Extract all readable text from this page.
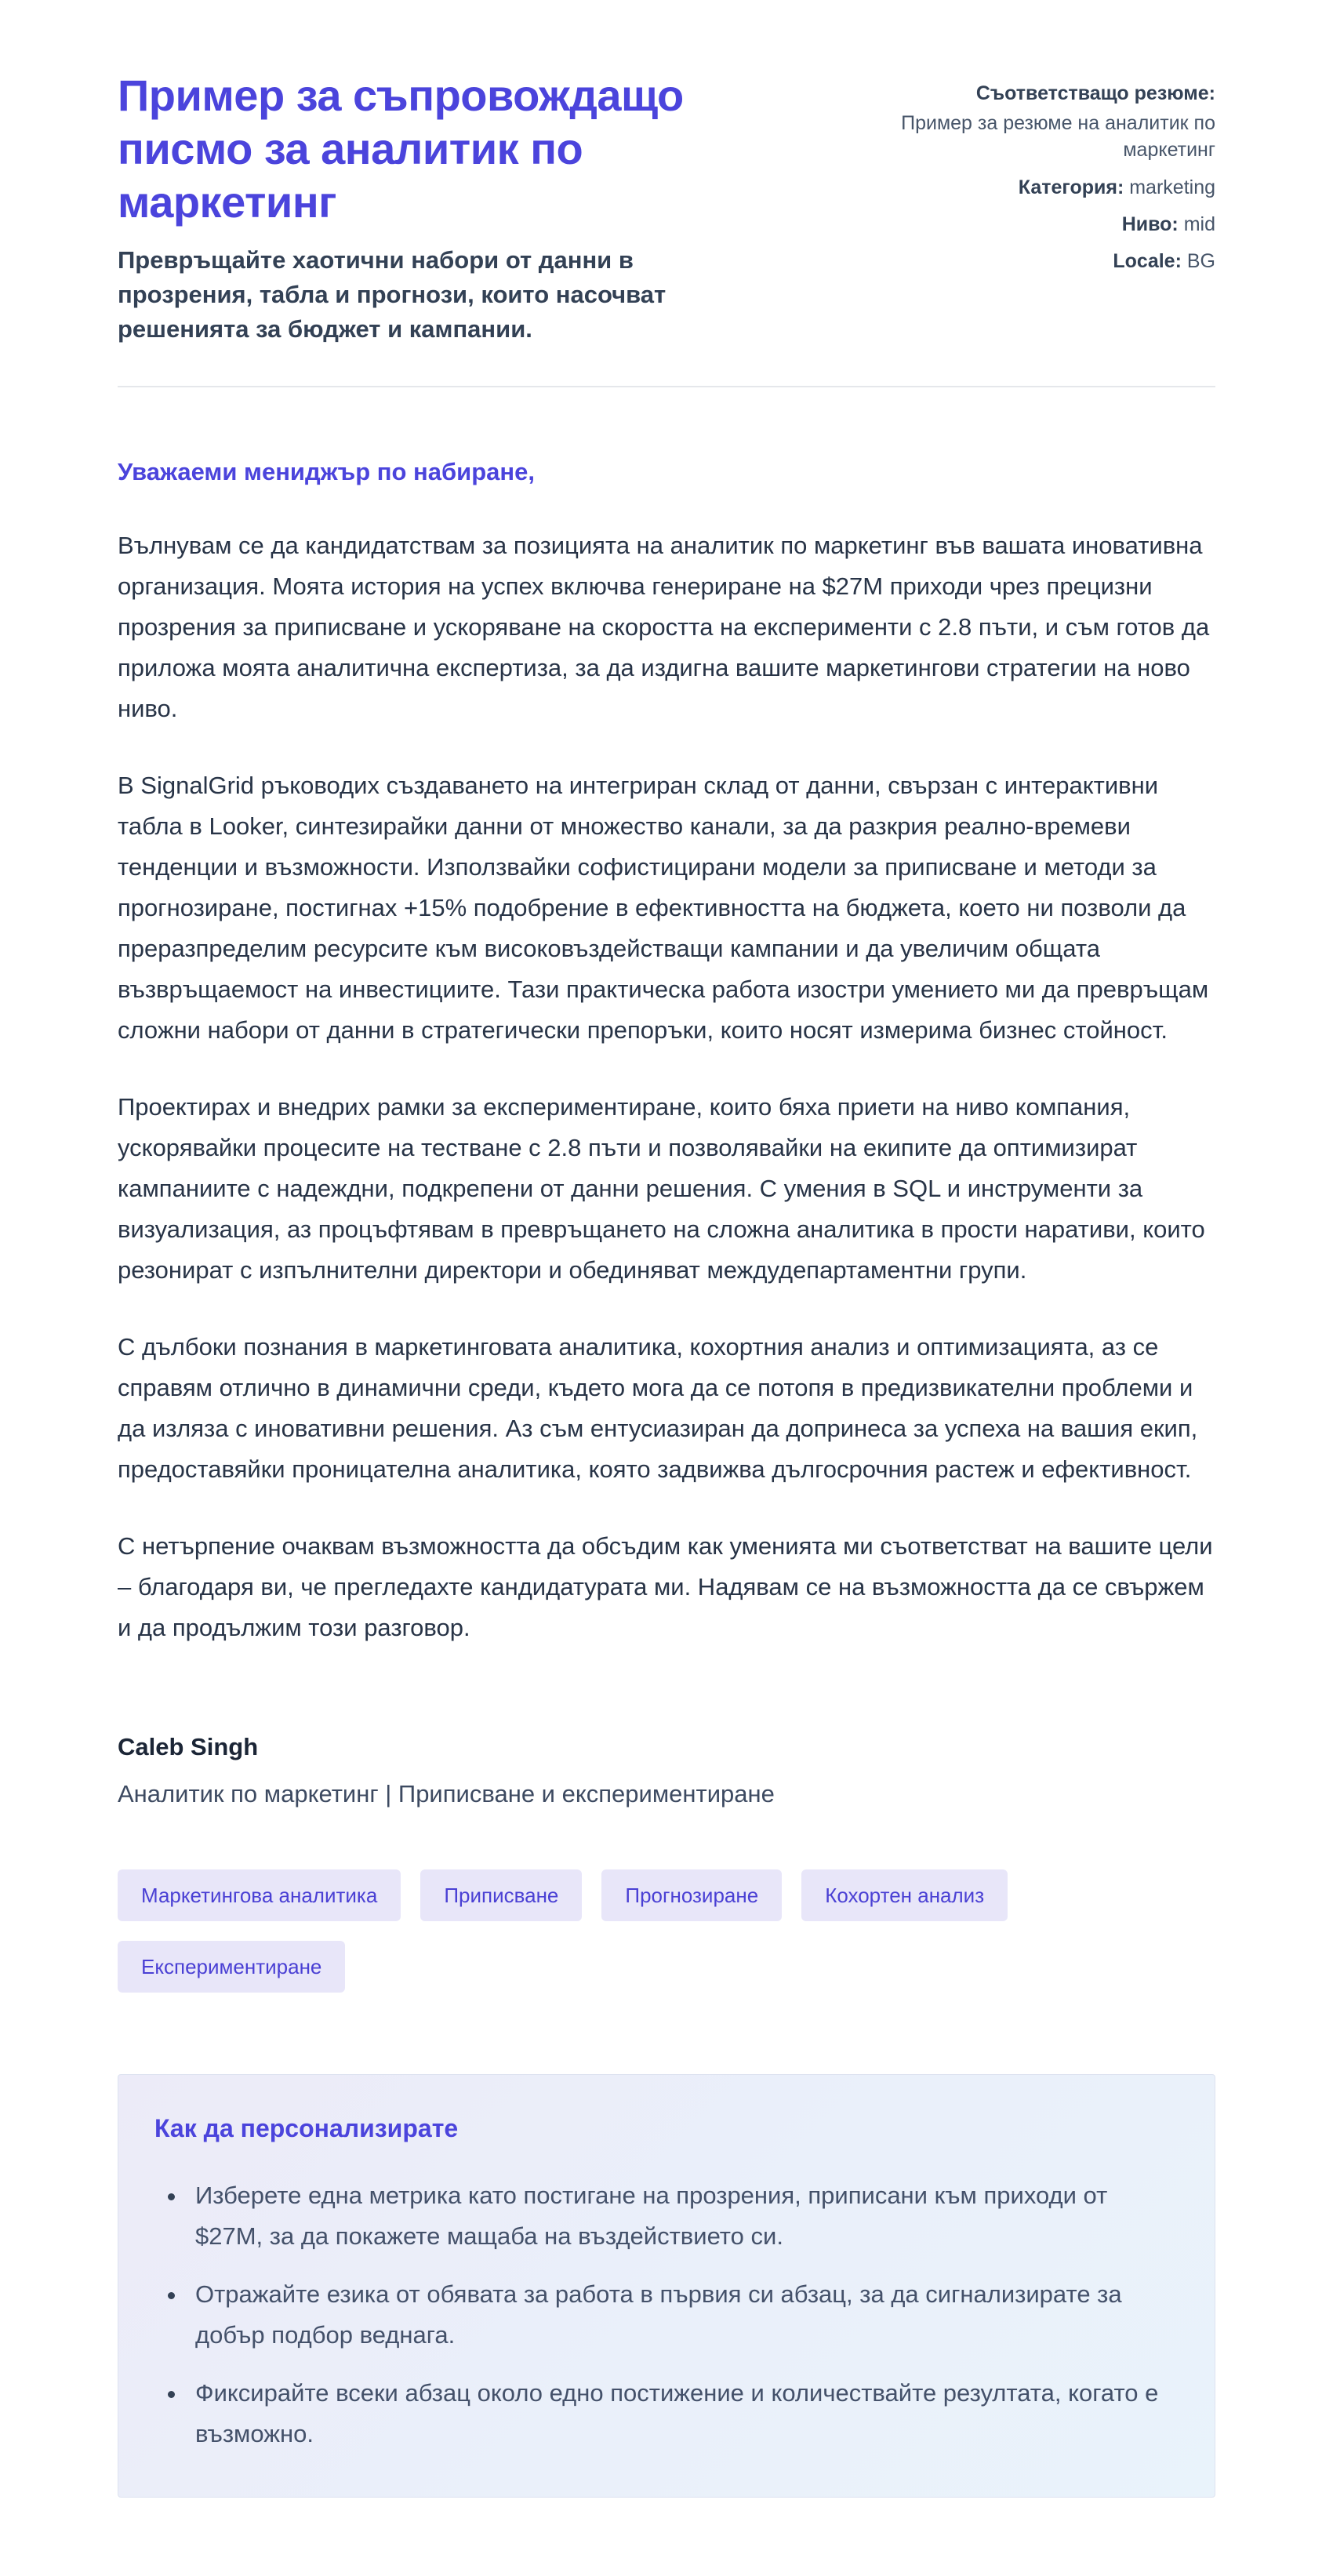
Пример за съпровождащо писмо за аналитик по маркетинг

Превръщайте хаотични набори от данни в прозрения, табла и прогнози, които насочват решенията за бюджет и кампании.

Съответстващо резюме:
Пример за резюме на аналитик по маркетинг
Категория: marketing
Ниво: mid
Locale: BG

Уважаеми мениджър по набиране,

Вълнувам се да кандидатствам за позицията на аналитик по маркетинг във вашата иновативна организация. Моята история на успех включва генериране на $27M приходи чрез прецизни прозрения за приписване и ускоряване на скоростта на експерименти с 2.8 пъти, и съм готов да приложа моята аналитична експертиза, за да издигна вашите маркетингови стратегии на ново ниво.

В SignalGrid ръководих създаването на интегриран склад от данни, свързан с интерактивни табла в Looker, синтезирайки данни от множество канали, за да разкрия реално-времеви тенденции и възможности. Използвайки софистицирани модели за приписване и методи за прогнозиране, постигнах +15% подобрение в ефективността на бюджета, което ни позволи да преразпределим ресурсите към високовъздействащи кампании и да увеличим общата възвръщаемост на инвестициите. Тази практическа работа изостри умението ми да превръщам сложни набори от данни в стратегически препоръки, които носят измерима бизнес стойност.

Проектирах и внедрих рамки за експериментиране, които бяха приети на ниво компания, ускорявайки процесите на тестване с 2.8 пъти и позволявайки на екипите да оптимизират кампаниите с надеждни, подкрепени от данни решения. С умения в SQL и инструменти за визуализация, аз процъфтявам в превръщането на сложна аналитика в прости наративи, които резонират с изпълнителни директори и обединяват междудепартаментни групи.

С дълбоки познания в маркетинговата аналитика, кохортния анализ и оптимизацията, аз се справям отлично в динамични среди, където мога да се потопя в предизвикателни проблеми и да изляза с иновативни решения. Аз съм ентусиазиран да допринеса за успеха на вашия екип, предоставяйки проницателна аналитика, която задвижва дългосрочния растеж и ефективност.

С нетърпение очаквам възможността да обсъдим как уменията ми съответстват на вашите цели – благодаря ви, че прегледахте кандидатурата ми. Надявам се на възможността да се свържем и да продължим този разговор.

Caleb Singh
Аналитик по маркетинг | Приписване и експериментиране
Маркетингова аналитика	Приписване	Прогнозиране	Кохортен анализ
Експериментиране
Как да персонализирате
• Изберете една метрика като постигане на прозрения, приписани към приходи от $27M, за да покажете мащаба на въздействието си.
• Отражайте езика от обявата за работа в първия си абзац, за да сигнализирате за добър подбор веднага.
• Фиксирайте всеки абзац около едно постижение и количествайте резултата, когато е възможно.
